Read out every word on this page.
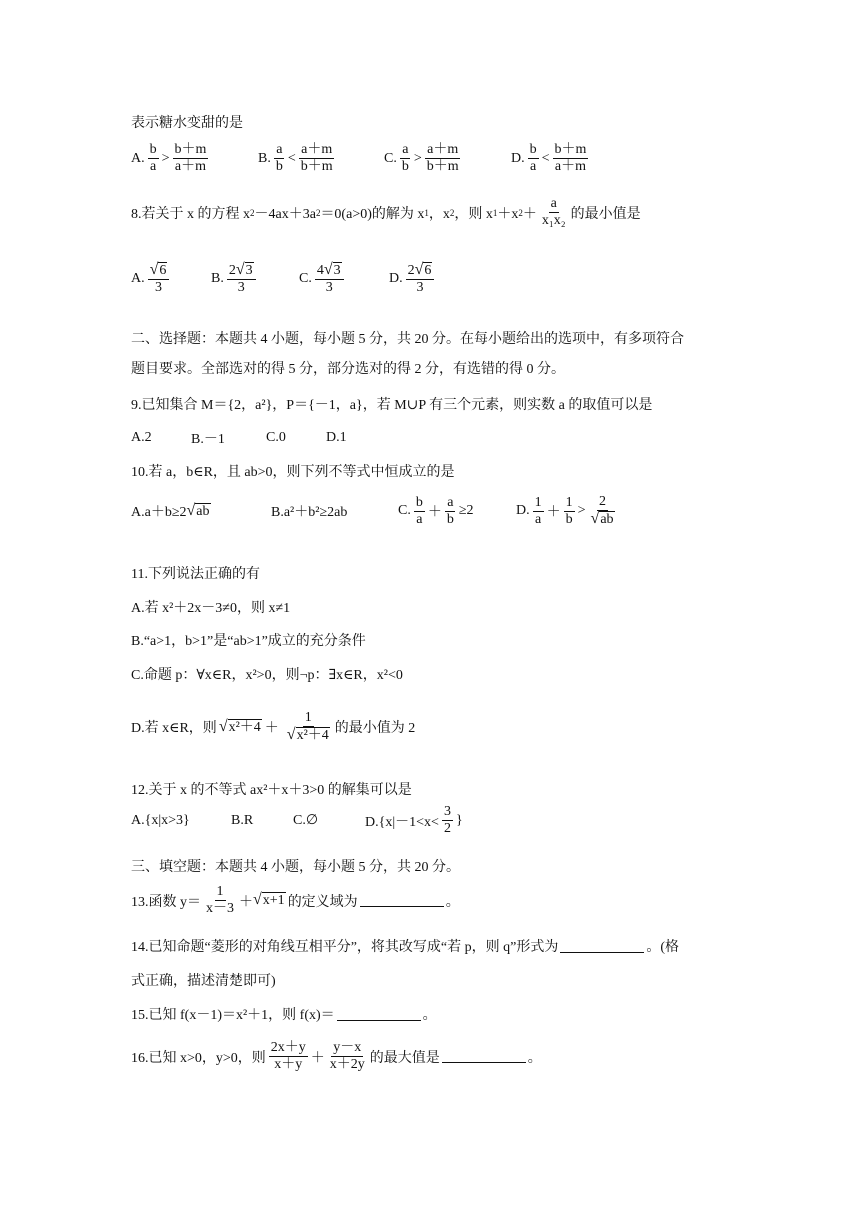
表示糖水变甜的是
A. $\frac{b}{a} > \frac{b+m}{a+m}$	B. $\frac{a}{b} < \frac{a+m}{b+m}$	C. $\frac{a}{b} > \frac{a+m}{b+m}$	D. $\frac{b}{a} < \frac{b+m}{a+m}$
8.若关于 x 的方程 x 2 －4ax＋3a 2 ＝0(a>0)的解为 x 1 ，x 2 ，则 x 1 ＋x $2 + \frac{a}{\text{x₁x₂}}$ 的最小值是
A. $\frac{√ 6}{3}$	B. $\frac{2 √ 3}{3}$	C. $\frac{4 √ 3}{3}$	D. $\frac{2 √ 6}{3}$
二、选择题：本题共 4 小题，每小题 5 分，共 20 分。在每小题给出的选项中，有多项符合
题目要求。全部选对的得 5 分，部分选对的得 2 分，有选错的得 0 分。
9.已知集合 M＝{2，a²}，P＝{－1，a}，若 M∪P 有三个元素，则实数 a 的取值可以是
A.2	B.－1	C.0	D.1
10.若 a，b∈R，且 ab>0，则下列不等式中恒成立的是
A.a＋b≥2 √ ab	B.a²＋b²≥2ab	C. $\frac{b}{a} + \frac{a}{b} \ge 2$	D. $\frac{1}{a} + \frac{1}{b} > \frac{2}{√ ab}$
11.下列说法正确的有
A.若 x²＋2x－3≠0，则 x≠1
B.“a>1，b>1”是“ab>1”成立的充分条件
C.命题 p：∀x∈R，x²>0，则¬p：∃x∈R，x²<0
D.若 x∈R，则 √ $x^2+4 + \frac{1}{\text{√ x²＋4}}$ 的最小值为 2
12.关于 x 的不等式 ax²＋x＋3>0 的解集可以是
A.{x|x>3}	B.R	C.∅	$D.\{x|-1<x< \frac{3}{2}$ }
三、填空题：本题共 4 小题，每小题 5 分，共 20 分。
13.函数 $y= \frac{1}{x-3}$ ＋ √ x+1 的定义域为	。
14.已知命题“菱形的对角线互相平分”，将其改写成“若 p，则 q”形式为	。(格
式正确，描述清楚即可)
15.已知 f(x－1)＝x²＋1，则 f(x)＝	。
16.已知 x>0，y>0，则 $\frac{2x+y}{x+y} + \frac{y-x}{x+2y}$ 的最大值是	。
